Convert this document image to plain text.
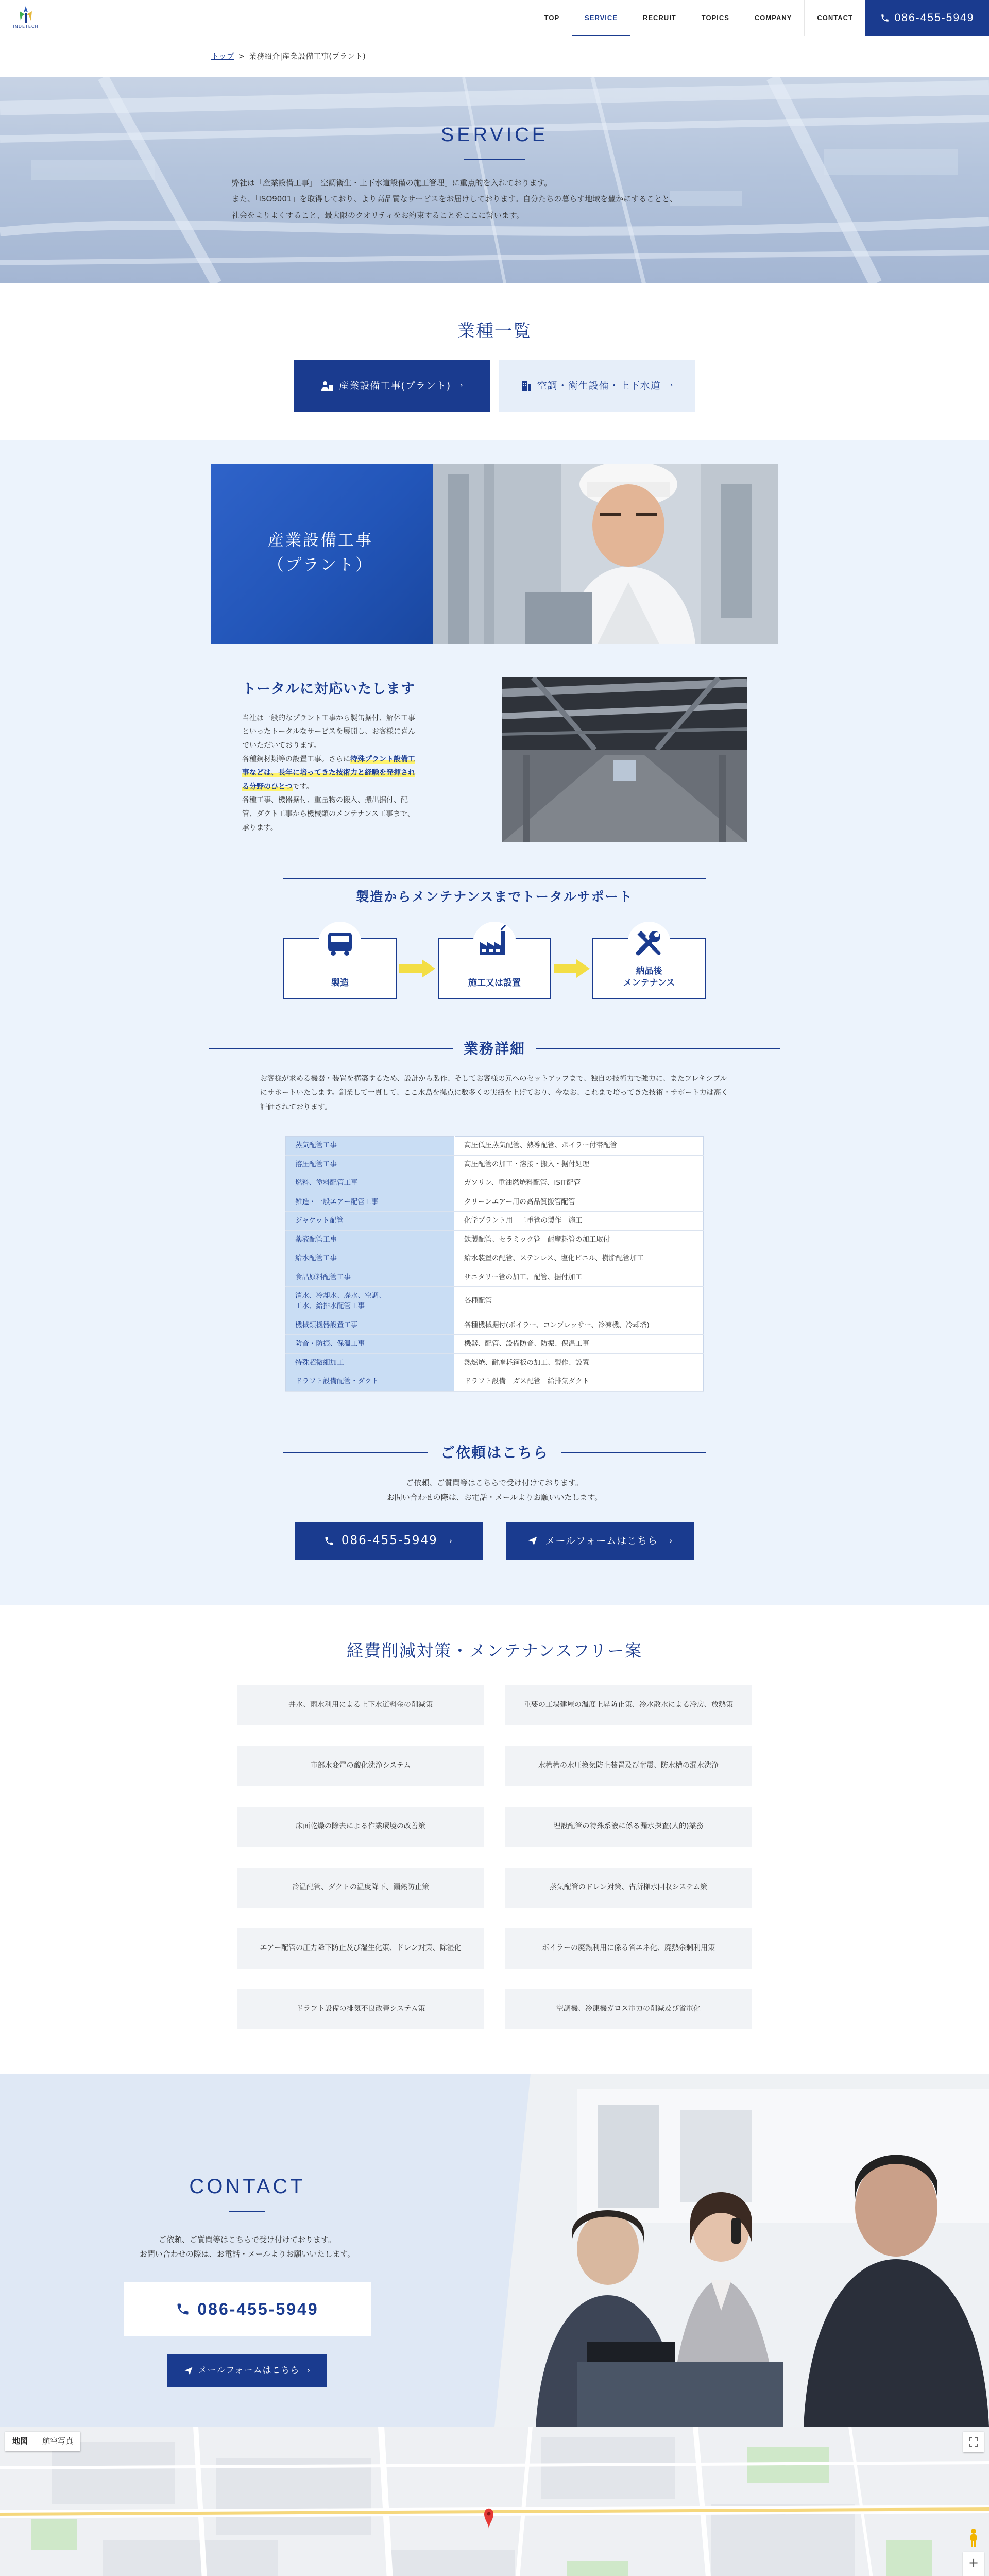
INDETECH
TOP	SERVICE	RECRUIT	TOPICS	COMPANY	CONTACT	086-455-5949
トップ > 業務紹介|産業設備工事(プラント)
SERVICE

弊社は「産業設備工事」「空調衛生・上下水道設備の施工管理」に重点的を入れております。

また、「ISO9001」を取得しており、より高品質なサービスをお届けしております。自分たちの暮らす地域を豊かにすることと、

社会をよりよくすること、最大限のクオリティをお約束することをここに誓います。

業種一覧
産業設備工事(プラント) ›	空調・衛生設備・上下水道 ›
産業設備工事
（プラント）
トータルに対応いたします

当社は一般的なプラント工事から製缶据付、解体工事といったトータルなサービスを展開し、お客様に喜んでいただいております。

各種鋼材類等の設置工事。さらに特殊プラント設備工事などは、長年に培ってきた技術力と経験を発揮される分野のひとつです。

各種工事、機器据付、重量物の搬入、搬出据付、配管、ダクト工事から機械類のメンテナンス工事まで、承ります。

製造からメンテナンスまでトータルサポート
製造	施工又は設置
納品後
メンテナンス
業務詳細

お客様が求める機器・装置を構築するため、設計から製作、そしてお客様の元へのセットアップまで、独自の技術力で強力に、またフレキシブルにサポートいたします。創業して一貫して、ここ水島を拠点に数多くの実績を上げており、今なお、これまで培ってきた技術・サポート力は高く評価されております。

蒸気配管工事	高圧低圧蒸気配管、熱導配管、ボイラー付帯配管
溶圧配管工事	高圧配管の加工・溶接・搬入・据付処理
燃料、塗料配管工事	ガソリン、重油燃焼料配管、ISIT配管
雑造・一般エアー配管工事	クリーンエアー用の高品質搬管配管
ジャケット配管	化学プラント用　二重管の製作　施工
薬液配管工事	鉄製配管、セラミック管　耐摩耗管の加工取付
給水配管工事	給水装置の配管、ステンレス、塩化ビニル、樹脂配管加工
食品原料配管工事	サニタリー管の加工、配管、据付加工
消水、冷却水、廃水、空調、
工水、給排水配管工事	各種配管
機械類機器設置工事	各種機械据付(ボイラー、コンプレッサー、冷凍機、冷却塔)
防音・防振、保温工事	機器、配管、設備防音、防振、保温工事
特殊超微細加工	熱燃焼、耐摩耗鋼板の加工、製作、設置
ドラフト設備配管・ダクト	ドラフト設備　ガス配管　給排気ダクト
ご依頼はこちら

ご依頼、ご質問等はこちらで受け付けております。
お問い合わせの際は、お電話・メールよりお願いいたします。

086-455-5949 ›	メールフォームはこちら ›
経費削減対策・メンテナンスフリー案
井水、雨水利用による上下水道料金の削減策	重要の工場建屋の温度上昇防止策、冷水散水による冷房、放熱策
市部水変電の酸化洗浄システム	水槽槽の水圧換気防止装置及び耐震、防水槽の漏水洗浄
床面乾燥の除去による作業環境の改善策	埋設配管の特殊系液に係る漏水探査(人的)業務
冷温配管、ダクトの温度降下、漏熱防止策	蒸気配管のドレン対策、省所様水回収システム策
エアー配管の圧力降下防止及び湿生化策、ドレン対策、除湿化	ボイラーの廃熱利用に係る省エネ化、廃熱余剰利用策
ドラフト設備の排気不良改善システム策	空調機、冷凍機ガロス電力の削減及び省電化
CONTACT

ご依頼、ご質問等はこちらで受け付けております。
お問い合わせの際は、お電話・メールよりお願いいたします。

086-455-5949
メールフォームはこちら ›
地図	航空写真
+
